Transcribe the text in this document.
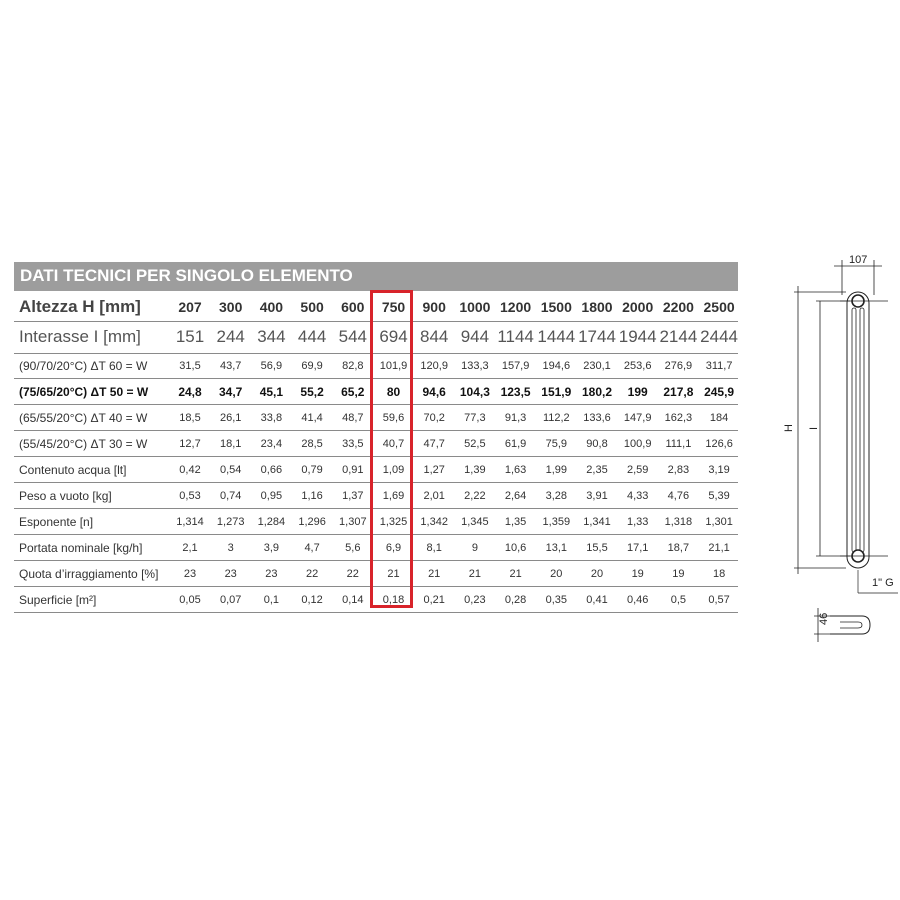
DATI TECNICI PER SINGOLO ELEMENTO
Altezza H [mm]	207	300	400	500	600	750	900 1000 1200 1500 1800 2000 2200 2500
Interasse I [mm]	151 244 344 444 544 694 844 944 1144 1444 1744 1944 2144 2444
(90/70/20°C) ΔT 60 = W	31,5	43,7	56,9	69,9	82,8	101,9	120,9	133,3	157,9	194,6	230,1	253,6	276,9	311,7
(75/65/20°C) ΔT 50 = W	24,8	34,7	45,1	55,2	65,2	80	94,6	104,3 123,5 151,9 180,2	199	217,8 245,9
(65/55/20°C) ΔT 40 = W	18,5	26,1	33,8	41,4	48,7	59,6	70,2	77,3	91,3	112,2	133,6	147,9	162,3	184
(55/45/20°C) ΔT 30 = W	12,7	18,1	23,4	28,5	33,5	40,7	47,7	52,5	61,9	75,9	90,8	100,9	111,1	126,6
Contenuto acqua [lt]	0,42	0,54	0,66	0,79	0,91	1,09	1,27	1,39	1,63	1,99	2,35	2,59	2,83	3,19
Peso a vuoto [kg]	0,53	0,74	0,95	1,16	1,37	1,69	2,01	2,22	2,64	3,28	3,91	4,33	4,76	5,39
Esponente [n]	1,314	1,273	1,284	1,296	1,307	1,325	1,342	1,345	1,35	1,359	1,341	1,33	1,318	1,301
Portata nominale [kg/h]	2,1	3	3,9	4,7	5,6	6,9	8,1	9	10,6	13,1	15,5	17,1	18,7	21,1
Quota d’irraggiamento [%]	23	23	23	22	22	21	21	21	21	20	20	19	19	18
Superficie [m²]	0,05	0,07	0,1	0,12	0,14	0,18	0,21	0,23	0,28	0,35	0,41	0,46	0,5	0,57
107
H I
1" G
46
